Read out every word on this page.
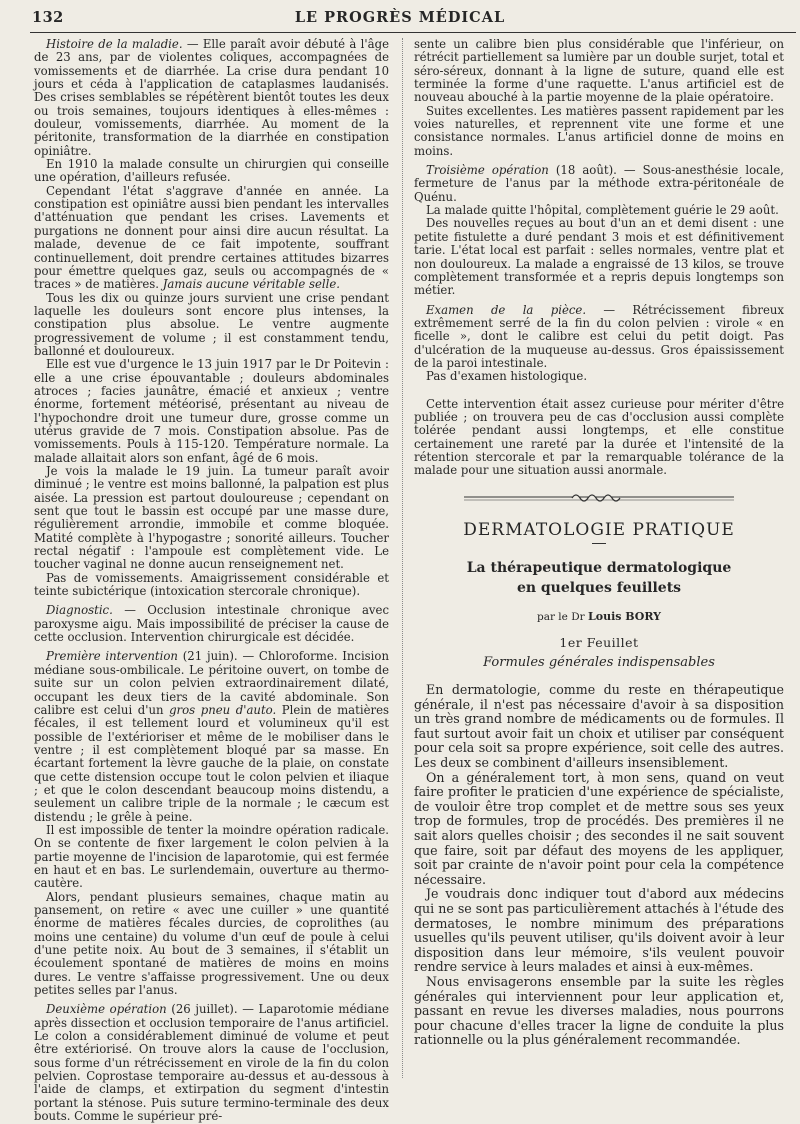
132	LE PROGRÈS MÉDICAL

Histoire de la maladie. — Elle paraît avoir débuté à l'âge de 23 ans, par de violentes coliques, accompagnées de vomissements et de diarrhée. La crise dura pendant 10 jours et céda à l'application de cataplasmes laudanisés. Des crises semblables se répétèrent bientôt toutes les deux ou trois semaines, toujours identiques à elles-mêmes : douleur, vomissements, diarrhée. Au moment de la péritonite, transformation de la diarrhée en constipation opiniâtre.

En 1910 la malade consulte un chirurgien qui conseille une opération, d'ailleurs refusée.

Cependant l'état s'aggrave d'année en année. La constipation est opiniâtre aussi bien pendant les intervalles d'atténuation que pendant les crises. Lavements et purgations ne donnent pour ainsi dire aucun résultat. La malade, devenue de ce fait impotente, souffrant continuellement, doit prendre certaines attitudes bizarres pour émettre quelques gaz, seuls ou accompagnés de « traces » de matières. Jamais aucune véritable selle.

Tous les dix ou quinze jours survient une crise pendant laquelle les douleurs sont encore plus intenses, la constipation plus absolue. Le ventre augmente progressivement de volume ; il est constamment tendu, ballonné et douloureux.

Elle est vue d'urgence le 13 juin 1917 par le Dr Poitevin : elle a une crise épouvantable ; douleurs abdominales atroces ; facies jaunâtre, émacié et anxieux ; ventre énorme, fortement météorisé, présentant au niveau de l'hypochondre droit une tumeur dure, grosse comme un utérus gravide de 7 mois. Constipation absolue. Pas de vomissements. Pouls à 115-120. Température normale. La malade allaitait alors son enfant, âgé de 6 mois.

Je vois la malade le 19 juin. La tumeur paraît avoir diminué ; le ventre est moins ballonné, la palpation est plus aisée. La pression est partout douloureuse ; cependant on sent que tout le bassin est occupé par une masse dure, régulièrement arrondie, immobile et comme bloquée. Matité complète à l'hypogastre ; sonorité ailleurs. Toucher rectal négatif : l'ampoule est complètement vide. Le toucher vaginal ne donne aucun renseignement net.

Pas de vomissements. Amaigrissement considérable et teinte subictérique (intoxication stercorale chronique).

Diagnostic. — Occlusion intestinale chronique avec paroxysme aigu. Mais impossibilité de préciser la cause de cette occlusion. Intervention chirurgicale est décidée.

Première intervention (21 juin). — Chloroforme. Incision médiane sous-ombilicale. Le péritoine ouvert, on tombe de suite sur un colon pelvien extraordinairement dilaté, occupant les deux tiers de la cavité abdominale. Son calibre est celui d'un gros pneu d'auto. Plein de matières fécales, il est tellement lourd et volumineux qu'il est possible de l'extérioriser et même de le mobiliser dans le ventre ; il est complètement bloqué par sa masse. En écartant fortement la lèvre gauche de la plaie, on constate que cette distension occupe tout le colon pelvien et iliaque ; et que le colon descendant beaucoup moins distendu, a seulement un calibre triple de la normale ; le cæcum est distendu ; le grêle à peine.

Il est impossible de tenter la moindre opération radicale. On se contente de fixer largement le colon pelvien à la partie moyenne de l'incision de laparotomie, qui est fermée en haut et en bas. Le surlendemain, ouverture au thermo-cautère.

Alors, pendant plusieurs semaines, chaque matin au pansement, on retire « avec une cuiller » une quantité énorme de matières fécales durcies, de coprolithes (au moins une centaine) du volume d'un œuf de poule à celui d'une petite noix. Au bout de 3 semaines, il s'établit un écoulement spontané de matières de moins en moins dures. Le ventre s'affaisse progressivement. Une ou deux petites selles par l'anus.

Deuxième opération (26 juillet). — Laparotomie médiane après dissection et occlusion temporaire de l'anus artificiel. Le colon a considérablement diminué de volume et peut être extériorisé. On trouve alors la cause de l'occlusion, sous forme d'un rétrécissement en virole de la fin du colon pelvien. Coprostase temporaire au-dessus et au-dessous à l'aide de clamps, et extirpation du segment d'intestin portant la sténose. Puis suture termino-terminale des deux bouts. Comme le supérieur pré-

sente un calibre bien plus considérable que l'inférieur, on rétrécit partiellement sa lumière par un double surjet, total et séro-séreux, donnant à la ligne de suture, quand elle est terminée la forme d'une raquette. L'anus artificiel est de nouveau abouché à la partie moyenne de la plaie opératoire.

Suites excellentes. Les matières passent rapidement par les voies naturelles, et reprennent vite une forme et une consistance normales. L'anus artificiel donne de moins en moins.

Troisième opération (18 août). — Sous-anesthésie locale, fermeture de l'anus par la méthode extra-péritonéale de Quénu.

La malade quitte l'hôpital, complètement guérie le 29 août.

Des nouvelles reçues au bout d'un an et demi disent : une petite fistulette a duré pendant 3 mois et est définitivement tarie. L'état local est parfait : selles normales, ventre plat et non douloureux. La malade a engraissé de 13 kilos, se trouve complètement transformée et a repris depuis longtemps son métier.

Examen de la pièce. — Rétrécissement fibreux extrêmement serré de la fin du colon pelvien : virole « en ficelle », dont le calibre est celui du petit doigt. Pas d'ulcération de la muqueuse au-dessus. Gros épaississement de la paroi intestinale.

Pas d'examen histologique.

Cette intervention était assez curieuse pour mériter d'être publiée ; on trouvera peu de cas d'occlusion aussi complète tolérée pendant aussi longtemps, et elle constitue certainement une rareté par la durée et l'intensité de la rétention stercorale et par la remarquable tolérance de la malade pour une situation aussi anormale.

DERMATOLOGIE PRATIQUE
La thérapeutique dermatologique
en quelques feuillets
par le Dr Louis BORY
1er Feuillet
Formules générales indispensables

En dermatologie, comme du reste en thérapeutique générale, il n'est pas nécessaire d'avoir à sa disposition un très grand nombre de médicaments ou de formules. Il faut surtout avoir fait un choix et utiliser par conséquent pour cela soit sa propre expérience, soit celle des autres. Les deux se combinent d'ailleurs insensiblement.

On a généralement tort, à mon sens, quand on veut faire profiter le praticien d'une expérience de spécialiste, de vouloir être trop complet et de mettre sous ses yeux trop de formules, trop de procédés. Des premières il ne sait alors quelles choisir ; des secondes il ne sait souvent que faire, soit par défaut des moyens de les appliquer, soit par crainte de n'avoir point pour cela la compétence nécessaire.

Je voudrais donc indiquer tout d'abord aux médecins qui ne se sont pas particulièrement attachés à l'étude des dermatoses, le nombre minimum des préparations usuelles qu'ils peuvent utiliser, qu'ils doivent avoir à leur disposition dans leur mémoire, s'ils veulent pouvoir rendre service à leurs malades et ainsi à eux-mêmes.

Nous envisagerons ensemble par la suite les règles générales qui interviennent pour leur application et, passant en revue les diverses maladies, nous pourrons pour chacune d'elles tracer la ligne de conduite la plus rationnelle ou la plus généralement recommandée.
